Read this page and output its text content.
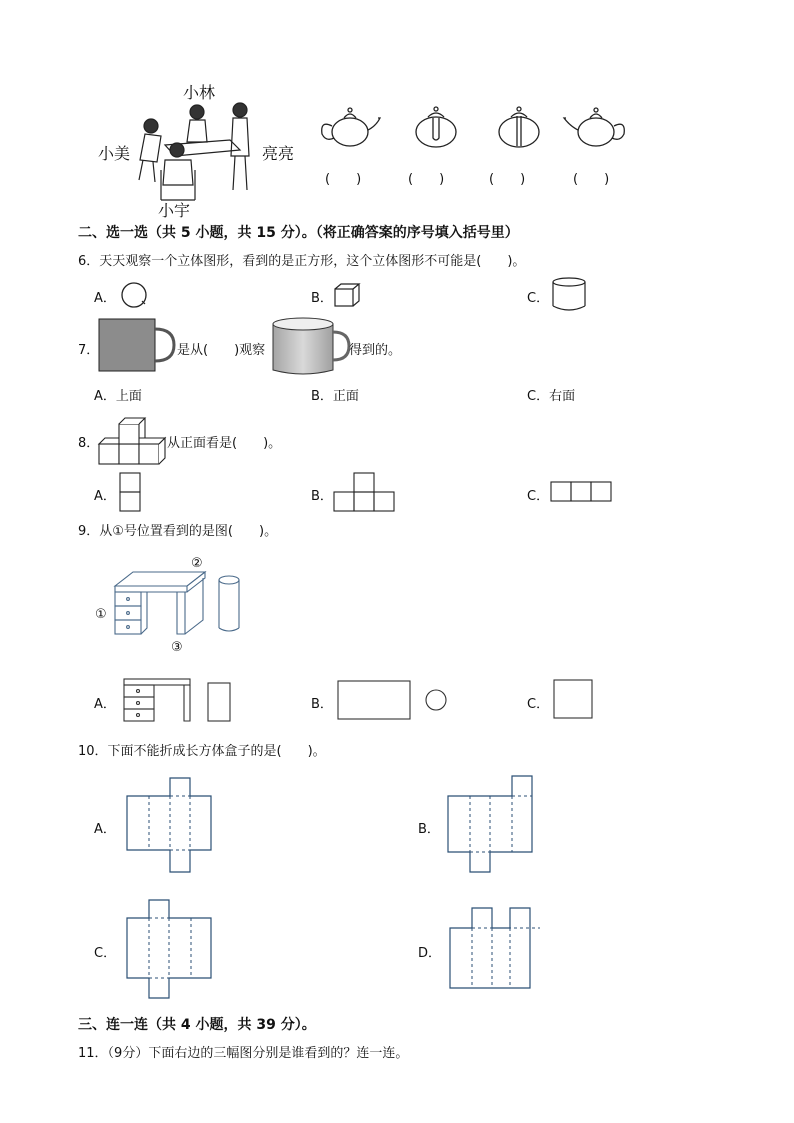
小林
小美	亮亮
小宇
(　　)	(　　)	(　　)	(　　)
二、选一选（共 5 小题，共 15 分）。（将正确答案的序号填入括号里）
6．天天观察一个立体图形，看到的是正方形，这个立体图形不可能是(　　)。
A．	B．	C．
7．	是从(　　)观察	得到的。
A．上面	B．正面	C．右面
8．	从正面看是(　　)。
A．	B．	C．
9．从①号位置看到的是图(　　)。
①
②
③
A．	B．	C．
10．下面不能折成长方体盒子的是(　　)。
A．	B．
C．	D．
三、连一连（共 4 小题，共 39 分）。
11．（9分）下面右边的三幅图分别是谁看到的？连一连。
